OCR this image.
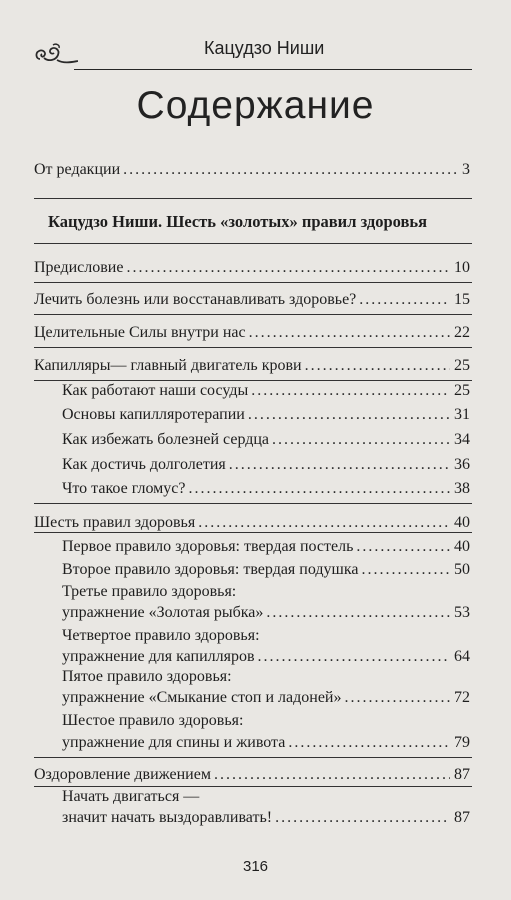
Кацудзо Ниши
Содержание
От редакции .....	3
Кацудзо Ниши. Шесть «золотых» правил здоровья
Предисловие .....	10
Лечить болезнь или восстанавливать здоровье? .....	15
Целительные Силы внутри нас .....	22
Капилляры— главный двигатель крови .....	25
Как работают наши сосуды .....	25
Основы капилляротерапии .....	31
Как избежать болезней сердца .....	34
Как достичь долголетия .....	36
Что такое гломус? .....	38
Шесть правил здоровья .....	40
Первое правило здоровья: твердая постель .....	40
Второе правило здоровья: твердая подушка .....	50
Третье правило здоровья:
упражнение «Золотая рыбка» .....	53
Четвертое правило здоровья:
упражнение для капилляров .....	64
Пятое правило здоровья:
упражнение «Смыкание стоп и ладоней» .....	72
Шестое правило здоровья:
упражнение для спины и живота .....	79
Оздоровление движением .....	87
Начать двигаться —
значит начать выздоравливать! .....	87
316
